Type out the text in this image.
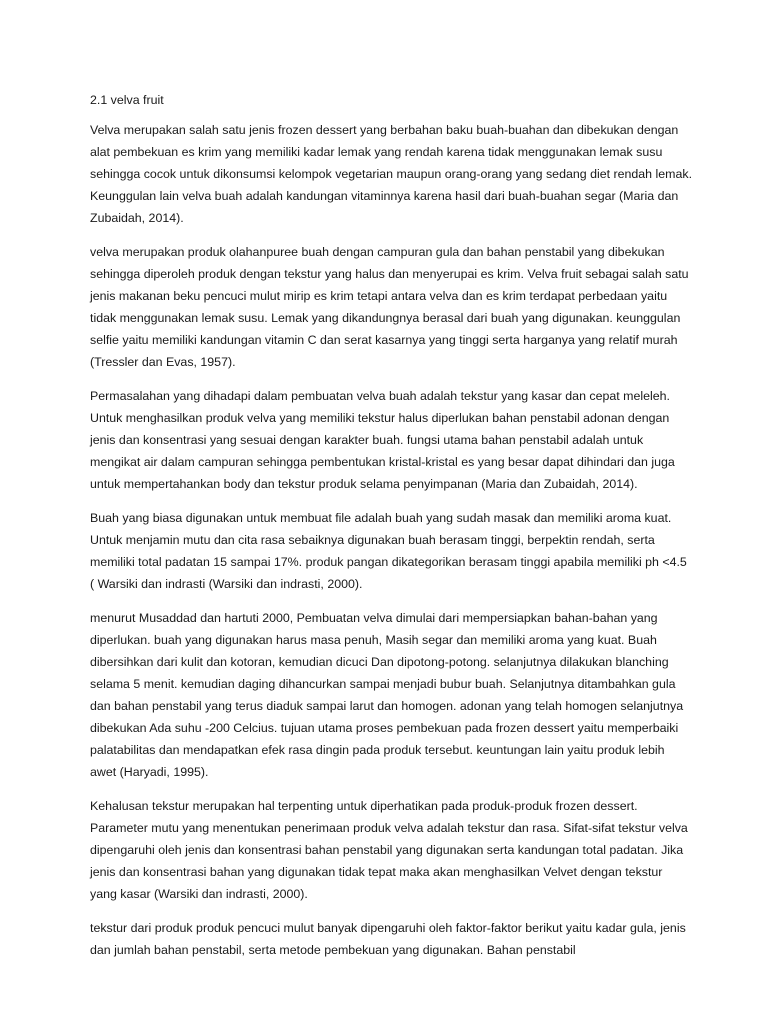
2.1 velva fruit

Velva merupakan salah satu jenis frozen dessert yang berbahan baku buah-buahan dan dibekukan dengan alat pembekuan es krim yang memiliki kadar lemak yang rendah karena tidak menggunakan lemak susu sehingga cocok untuk dikonsumsi kelompok vegetarian maupun orang-orang yang sedang diet rendah lemak. Keunggulan lain velva buah adalah kandungan vitaminnya karena hasil dari buah-buahan segar (Maria dan Zubaidah, 2014).

velva merupakan produk olahanpuree buah dengan campuran gula dan bahan penstabil yang dibekukan sehingga diperoleh produk dengan tekstur yang halus dan menyerupai es krim. Velva fruit sebagai salah satu jenis makanan beku pencuci mulut mirip es krim tetapi antara velva dan es krim terdapat perbedaan yaitu tidak menggunakan lemak susu. Lemak yang dikandungnya berasal dari buah yang digunakan. keunggulan selfie yaitu memiliki kandungan vitamin C dan serat kasarnya yang tinggi serta harganya yang relatif murah (Tressler dan Evas, 1957).

Permasalahan yang dihadapi dalam pembuatan velva buah adalah tekstur yang kasar dan cepat meleleh. Untuk menghasilkan produk velva yang memiliki tekstur halus diperlukan bahan penstabil adonan dengan jenis dan konsentrasi yang sesuai dengan karakter buah. fungsi utama bahan penstabil adalah untuk mengikat air dalam campuran sehingga pembentukan kristal-kristal es yang besar dapat dihindari dan juga untuk mempertahankan body dan tekstur produk selama penyimpanan (Maria dan Zubaidah, 2014).

Buah yang biasa digunakan untuk membuat file adalah buah yang sudah masak dan memiliki aroma kuat. Untuk menjamin mutu dan cita rasa sebaiknya digunakan buah berasam tinggi, berpektin rendah, serta memiliki total padatan 15 sampai 17%. produk pangan dikategorikan berasam tinggi apabila memiliki ph <4.5 ( Warsiki dan indrasti (Warsiki dan indrasti, 2000).

menurut Musaddad dan hartuti 2000, Pembuatan velva dimulai dari mempersiapkan bahan-bahan yang diperlukan. buah yang digunakan harus masa penuh, Masih segar dan memiliki aroma yang kuat. Buah dibersihkan dari kulit dan kotoran, kemudian dicuci Dan dipotong-potong. selanjutnya dilakukan blanching selama 5 menit. kemudian daging dihancurkan sampai menjadi bubur buah. Selanjutnya ditambahkan gula dan bahan penstabil yang terus diaduk sampai larut dan homogen. adonan yang telah homogen selanjutnya dibekukan Ada suhu -200 Celcius. tujuan utama proses pembekuan pada frozen dessert yaitu memperbaiki palatabilitas dan mendapatkan efek rasa dingin pada produk tersebut. keuntungan lain yaitu produk lebih awet (Haryadi, 1995).

Kehalusan tekstur merupakan hal terpenting untuk diperhatikan pada produk-produk frozen dessert. Parameter mutu yang menentukan penerimaan produk velva adalah tekstur dan rasa. Sifat-sifat tekstur velva dipengaruhi oleh jenis dan konsentrasi bahan penstabil yang digunakan serta kandungan total padatan. Jika jenis dan konsentrasi bahan yang digunakan tidak tepat maka akan menghasilkan Velvet dengan tekstur yang kasar (Warsiki dan indrasti, 2000).

tekstur dari produk produk pencuci mulut banyak dipengaruhi oleh faktor-faktor berikut yaitu kadar gula, jenis dan jumlah bahan penstabil, serta metode pembekuan yang digunakan. Bahan penstabil
